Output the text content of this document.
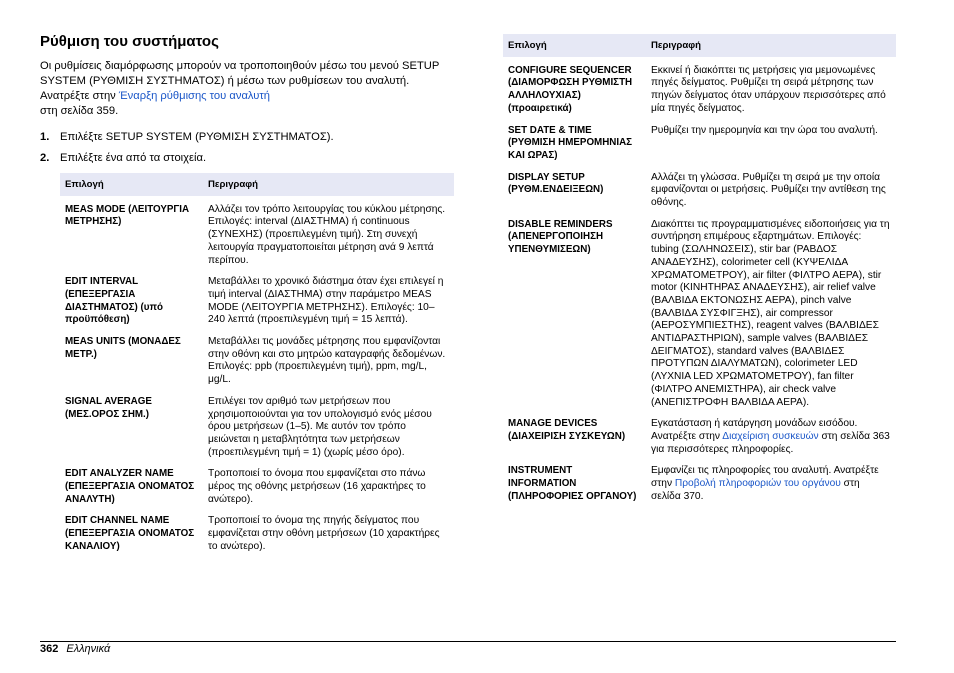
Ρύθμιση του συστήματος
Οι ρυθμίσεις διαμόρφωσης μπορούν να τροποποιηθούν μέσω του μενού SETUP SYSTEM (ΡΥΘΜΙΣΗ ΣΥΣΤΗΜΑΤΟΣ) ή μέσω των ρυθμίσεων του αναλυτή. Ανατρέξτε στην Έναρξη ρύθμισης του αναλυτή
στη σελίδα 359.
1. Επιλέξτε SETUP SYSTEM (ΡΥΘΜΙΣΗ ΣΥΣΤΗΜΑΤΟΣ).
2. Επιλέξτε ένα από τα στοιχεία.
Επιλογή	Περιγραφή
MEAS MODE (ΛΕΙΤΟΥΡΓΙΑ ΜΕΤΡΗΣΗΣ)	Αλλάζει τον τρόπο λειτουργίας του κύκλου μέτρησης. Επιλογές: interval (ΔΙΑΣΤΗΜΑ) ή continuous (ΣΥΝΕΧΗΣ) (προεπιλεγμένη τιμή). Στη συνεχή λειτουργία πραγματοποιείται μέτρηση ανά 9 λεπτά περίπου.
EDIT INTERVAL (ΕΠΕΞΕΡΓΑΣΙΑ ΔΙΑΣΤΗΜΑΤΟΣ) (υπό προϋπόθεση)	Μεταβάλλει το χρονικό διάστημα όταν έχει επιλεγεί η τιμή interval (ΔΙΑΣΤΗΜΑ) στην παράμετρο MEAS MODE (ΛΕΙΤΟΥΡΓΙΑ ΜΕΤΡΗΣΗΣ). Επιλογές: 10–240 λεπτά (προεπιλεγμένη τιμή = 15 λεπτά).
MEAS UNITS (ΜΟΝΑΔΕΣ ΜΕΤΡ.)	Μεταβάλλει τις μονάδες μέτρησης που εμφανίζονται στην οθόνη και στο μητρώο καταγραφής δεδομένων. Επιλογές: ppb (προεπιλεγμένη τιμή), ppm, mg/L, μg/L.
SIGNAL AVERAGE (ΜΕΣ.ΟΡΟΣ ΣΗΜ.)	Επιλέγει τον αριθμό των μετρήσεων που χρησιμοποιούνται για τον υπολογισμό ενός μέσου όρου μετρήσεων (1–5). Με αυτόν τον τρόπο μειώνεται η μεταβλητότητα των μετρήσεων (προεπιλεγμένη τιμή = 1) (χωρίς μέσο όρο).
EDIT ANALYZER NAME (ΕΠΕΞΕΡΓΑΣΙΑ ΟΝΟΜΑΤΟΣ ΑΝΑΛΥΤΗ)	Τροποποιεί το όνομα που εμφανίζεται στο πάνω μέρος της οθόνης μετρήσεων (16 χαρακτήρες το ανώτερο).
EDIT CHANNEL NAME (ΕΠΕΞΕΡΓΑΣΙΑ ΟΝΟΜΑΤΟΣ ΚΑΝΑΛΙΟΥ)	Τροποποιεί το όνομα της πηγής δείγματος που εμφανίζεται στην οθόνη μετρήσεων (10 χαρακτήρες το ανώτερο).
Επιλογή	Περιγραφή
CONFIGURE SEQUENCER (ΔΙΑΜΟΡΦΩΣΗ ΡΥΘΜΙΣΤΗ ΑΛΛΗΛΟΥΧΙΑΣ) (προαιρετικά)	Εκκινεί ή διακόπτει τις μετρήσεις για μεμονωμένες πηγές δείγματος. Ρυθμίζει τη σειρά μέτρησης των πηγών δείγματος όταν υπάρχουν περισσότερες από μία πηγές δείγματος.
SET DATE & TIME (ΡΥΘΜΙΣΗ ΗΜΕΡΟΜΗΝΙΑΣ ΚΑΙ ΩΡΑΣ)	Ρυθμίζει την ημερομηνία και την ώρα του αναλυτή.
DISPLAY SETUP (ΡΥΘΜ.ΕΝΔΕΙΞΕΩΝ)	Αλλάζει τη γλώσσα. Ρυθμίζει τη σειρά με την οποία εμφανίζονται οι μετρήσεις. Ρυθμίζει την αντίθεση της οθόνης.
DISABLE REMINDERS (ΑΠΕΝΕΡΓΟΠΟΙΗΣΗ ΥΠΕΝΘΥΜΙΣΕΩΝ)	Διακόπτει τις προγραμματισμένες ειδοποιήσεις για τη συντήρηση επιμέρους εξαρτημάτων. Επιλογές: tubing (ΣΩΛΗΝΩΣΕΙΣ), stir bar (ΡΑΒΔΟΣ ΑΝΑΔΕΥΣΗΣ), colorimeter cell (ΚΥΨΕΛΙΔΑ ΧΡΩΜΑΤΟΜΕΤΡΟΥ), air filter (ΦΙΛΤΡΟ ΑΕΡΑ), stir motor (ΚΙΝΗΤΗΡΑΣ ΑΝΑΔΕΥΣΗΣ), air relief valve (ΒΑΛΒΙΔΑ ΕΚΤΟΝΩΣΗΣ ΑΕΡΑ), pinch valve (ΒΑΛΒΙΔΑ ΣΥΣΦΙΓΞΗΣ), air compressor (ΑΕΡΟΣΥΜΠΙΕΣΤΗΣ), reagent valves (ΒΑΛΒΙΔΕΣ ΑΝΤΙΔΡΑΣΤΗΡΙΩΝ), sample valves (ΒΑΛΒΙΔΕΣ ΔΕΙΓΜΑΤΟΣ), standard valves (ΒΑΛΒΙΔΕΣ ΠΡΟΤΥΠΩΝ ΔΙΑΛΥΜΑΤΩΝ), colorimeter LED (ΛΥΧΝΙΑ LED ΧΡΩΜΑΤΟΜΕΤΡΟΥ), fan filter (ΦΙΛΤΡΟ ΑΝΕΜΙΣΤΗΡΑ), air check valve (ΑΝΕΠΙΣΤΡΟΦΗ ΒΑΛΒΙΔΑ ΑΕΡΑ).
MANAGE DEVICES (ΔΙΑΧΕΙΡΙΣΗ ΣΥΣΚΕΥΩΝ)	Εγκατάσταση ή κατάργηση μονάδων εισόδου. Ανατρέξτε στην Διαχείριση συσκευών στη σελίδα 363 για περισσότερες πληροφορίες.
INSTRUMENT INFORMATION (ΠΛΗΡΟΦΟΡΙΕΣ ΟΡΓΑΝΟΥ)	Εμφανίζει τις πληροφορίες του αναλυτή. Ανατρέξτε στην Προβολή πληροφοριών του οργάνου στη σελίδα 370.
362 Ελληνικά
